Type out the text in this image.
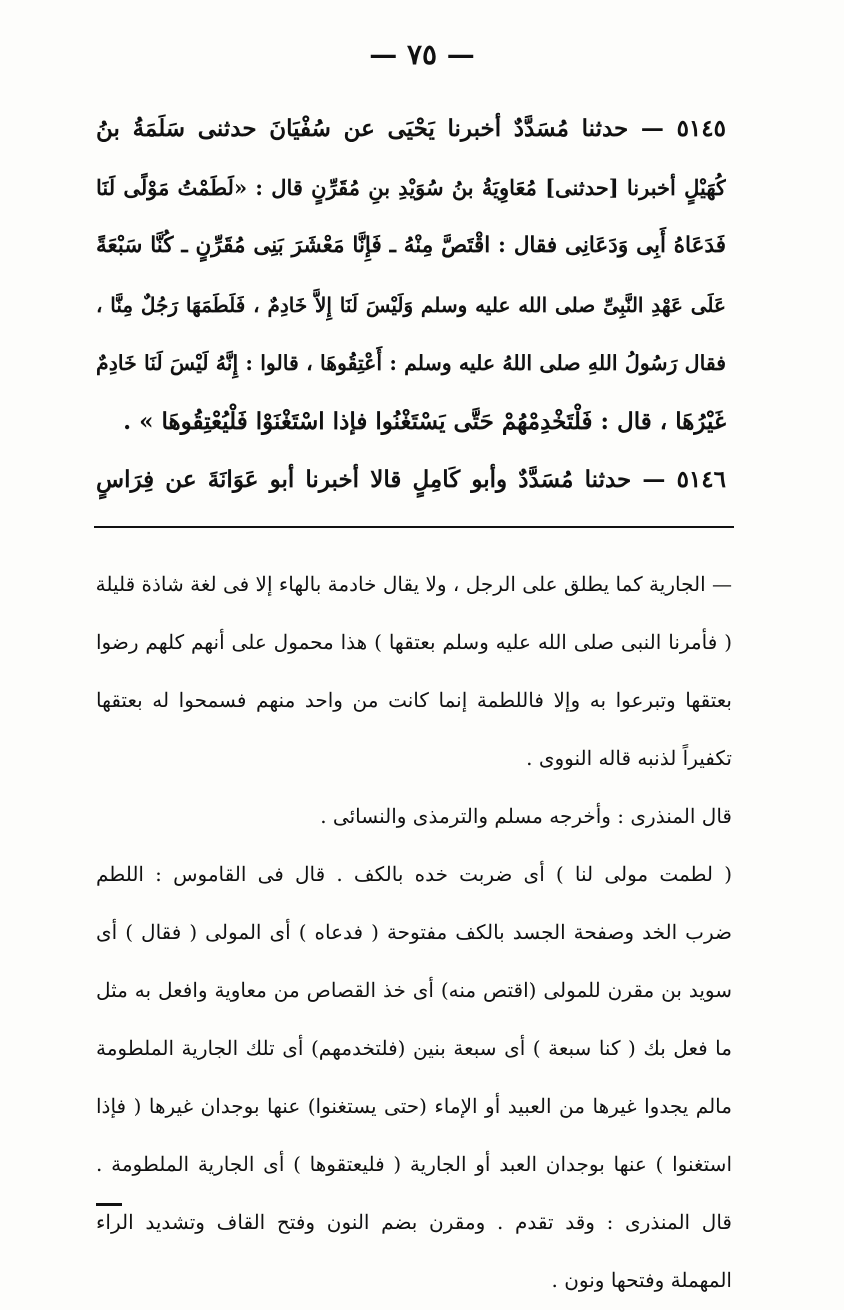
— ٧٥ —
٥١٤٥ — حدثنا مُسَدَّدٌ أخبرنا يَحْيَى عن سُفْيَانَ حدثنى سَلَمَةُ بنُ
كُهَيْلٍ أخبرنا [حدثنى] مُعَاوِيَةُ بنُ سُوَيْدِ بنِ مُقَرِّنٍ قال : «لَطَمْتُ مَوْلًى لَنَا
فَدَعَاهُ أَبِى وَدَعَانِى فقال : اقْتَصَّ مِنْهُ ـ فَإِنَّا مَعْشَرَ بَنِى مُقَرِّنٍ ـ كُنَّا سَبْعَةً
عَلَى عَهْدِ النَّبِىِّ صلى الله عليه وسلم وَلَيْسَ لَنَا إِلاَّ خَادِمٌ ، فَلَطَمَهَا رَجُلٌ مِنَّا ،
فقال رَسُولُ اللهِ صلى اللهُ عليه وسلم : أَعْتِقُوهَا ، قالوا : إِنَّهُ لَيْسَ لَنَا خَادِمٌ
غَيْرُهَا ، قال : فَلْتَخْدِمْهُمْ حَتَّى يَسْتَغْنُوا فإذا اسْتَغْنَوْا فَلْيُعْتِقُوهَا » .
٥١٤٦ — حدثنا مُسَدَّدٌ وأبو كَامِلٍ قالا أخبرنا أبو عَوَانَةَ عن فِرَاسٍ
— الجارية كما يطلق على الرجل ، ولا يقال خادمة بالهاء إلا فى لغة شاذة قليلة
( فأمرنا النبى صلى الله عليه وسلم بعتقها ) هذا محمول على أنهم كلهم رضوا
بعتقها وتبرعوا به وإلا فاللطمة إنما كانت من واحد منهم فسمحوا له بعتقها
تكفيراً لذنبه قاله النووى .
قال المنذرى : وأخرجه مسلم والترمذى والنسائى .
( لطمت مولى لنا ) أى ضربت خده بالكف . قال فى القاموس : اللطم
ضرب الخد وصفحة الجسد بالكف مفتوحة ( فدعاه ) أى المولى ( فقال ) أى
سويد بن مقرن للمولى (اقتص منه) أى خذ القصاص من معاوية وافعل به مثل
ما فعل بك ( كنا سبعة ) أى سبعة بنين (فلتخدمهم) أى تلك الجارية الملطومة
مالم يجدوا غيرها من العبيد أو الإماء (حتى يستغنوا) عنها بوجدان غيرها ( فإذا
استغنوا ) عنها بوجدان العبد أو الجارية ( فليعتقوها ) أى الجارية الملطومة .
قال المنذرى : وقد تقدم . ومقرن بضم النون وفتح القاف وتشديد الراء
المهملة وفتحها ونون .
